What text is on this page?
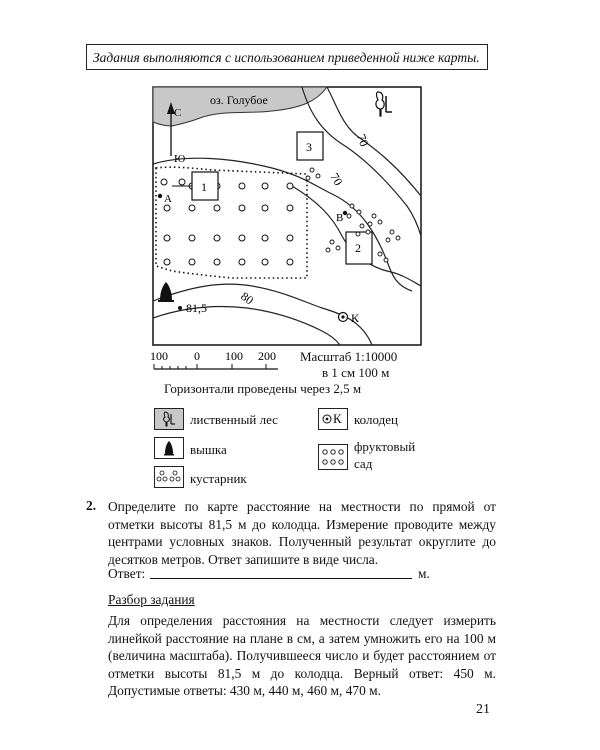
Задания выполняются с использованием приведенной ниже карты.
оз. Голубое
С
Ю
70
70
80
А
1
3
2
В
81,5
К
100 0 100 200 Масштаб 1:10000
в 1 см 100 м
Горизонтали проведены через 2,5 м
лиственный лес
вышка
кустарник
К колодец
фруктовый
сад
2. Определите по карте расстояние на местности по прямой от отметки высоты 81,5 м до колодца. Измерение проводите между центрами условных знаков. Полученный результат округлите до десятков метров. Ответ запишите в виде числа.
Ответ:	м.
Разбор задания
Для определения расстояния на местности следует измерить линейкой расстояние на плане в см, а затем умножить его на 100 м (величина масштаба). Получившееся число и будет расстоянием от отметки высоты 81,5 м до колодца. Верный ответ: 450 м. Допустимые ответы: 430 м, 440 м, 460 м, 470 м.
21
